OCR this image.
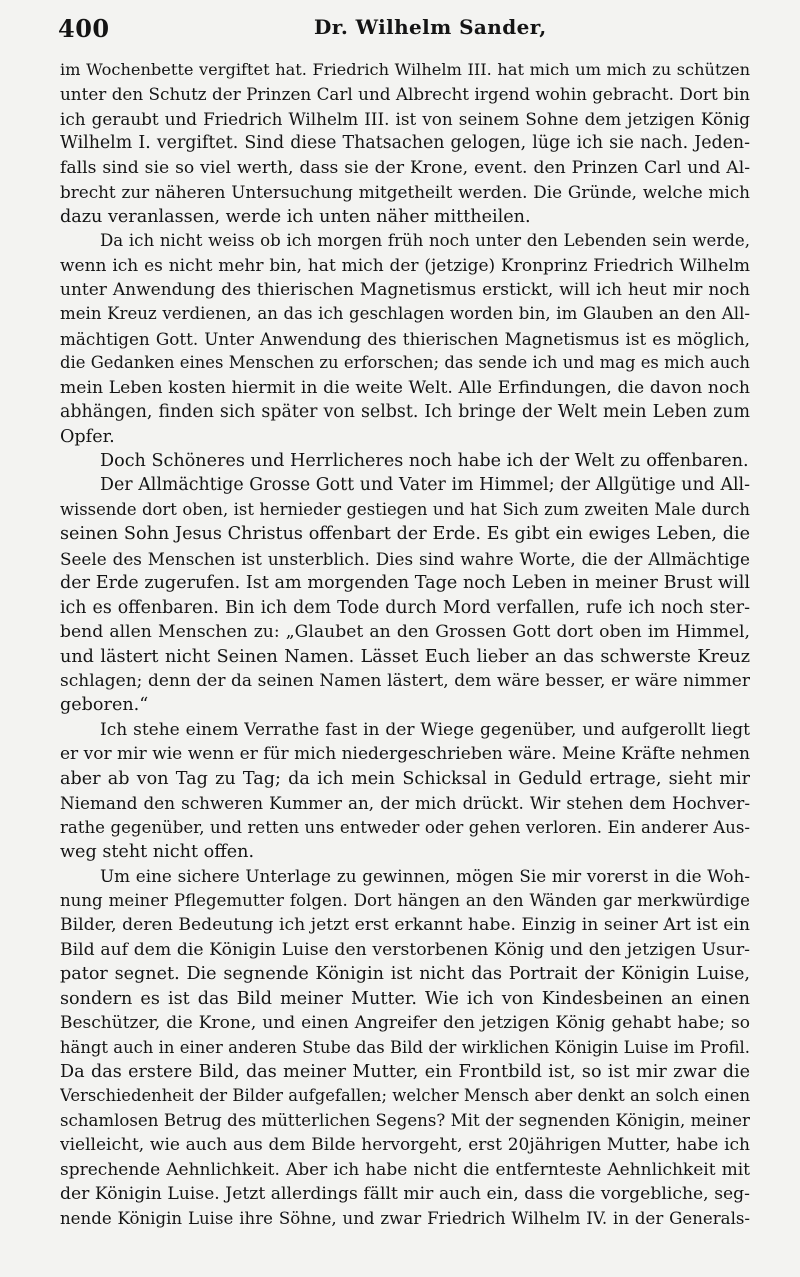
400	Dr. Wilhelm Sander,
im Wochenbette vergiftet hat. Friedrich Wilhelm III. hat mich um mich zu schützen
unter den Schutz der Prinzen Carl und Albrecht irgend wohin gebracht. Dort bin
ich geraubt und Friedrich Wilhelm III. ist von seinem Sohne dem jetzigen König
Wilhelm I. vergiftet. Sind diese Thatsachen gelogen, lüge ich sie nach. Jeden-
falls sind sie so viel werth, dass sie der Krone, event. den Prinzen Carl und Al-
brecht zur näheren Untersuchung mitgetheilt werden. Die Gründe, welche mich
dazu veranlassen, werde ich unten näher mittheilen.
Da ich nicht weiss ob ich morgen früh noch unter den Lebenden sein werde,
wenn ich es nicht mehr bin, hat mich der (jetzige) Kronprinz Friedrich Wilhelm
unter Anwendung des thierischen Magnetismus erstickt, will ich heut mir noch
mein Kreuz verdienen, an das ich geschlagen worden bin, im Glauben an den All-
mächtigen Gott. Unter Anwendung des thierischen Magnetismus ist es möglich,
die Gedanken eines Menschen zu erforschen; das sende ich und mag es mich auch
mein Leben kosten hiermit in die weite Welt. Alle Erfindungen, die davon noch
abhängen, finden sich später von selbst. Ich bringe der Welt mein Leben zum
Opfer.
Doch Schöneres und Herrlicheres noch habe ich der Welt zu offenbaren.
Der Allmächtige Grosse Gott und Vater im Himmel; der Allgütige und All-
wissende dort oben, ist hernieder gestiegen und hat Sich zum zweiten Male durch
seinen Sohn Jesus Christus offenbart der Erde. Es gibt ein ewiges Leben, die
Seele des Menschen ist unsterblich. Dies sind wahre Worte, die der Allmächtige
der Erde zugerufen. Ist am morgenden Tage noch Leben in meiner Brust will
ich es offenbaren. Bin ich dem Tode durch Mord verfallen, rufe ich noch ster-
bend allen Menschen zu: „Glaubet an den Grossen Gott dort oben im Himmel,
und lästert nicht Seinen Namen. Lässet Euch lieber an das schwerste Kreuz
schlagen; denn der da seinen Namen lästert, dem wäre besser, er wäre nimmer
geboren.“
Ich stehe einem Verrathe fast in der Wiege gegenüber, und aufgerollt liegt
er vor mir wie wenn er für mich niedergeschrieben wäre. Meine Kräfte nehmen
aber ab von Tag zu Tag; da ich mein Schicksal in Geduld ertrage, sieht mir
Niemand den schweren Kummer an, der mich drückt. Wir stehen dem Hochver-
rathe gegenüber, und retten uns entweder oder gehen verloren. Ein anderer Aus-
weg steht nicht offen.
Um eine sichere Unterlage zu gewinnen, mögen Sie mir vorerst in die Woh-
nung meiner Pflegemutter folgen. Dort hängen an den Wänden gar merkwürdige
Bilder, deren Bedeutung ich jetzt erst erkannt habe. Einzig in seiner Art ist ein
Bild auf dem die Königin Luise den verstorbenen König und den jetzigen Usur-
pator segnet. Die segnende Königin ist nicht das Portrait der Königin Luise,
sondern es ist das Bild meiner Mutter. Wie ich von Kindesbeinen an einen
Beschützer, die Krone, und einen Angreifer den jetzigen König gehabt habe; so
hängt auch in einer anderen Stube das Bild der wirklichen Königin Luise im Profil.
Da das erstere Bild, das meiner Mutter, ein Frontbild ist, so ist mir zwar die
Verschiedenheit der Bilder aufgefallen; welcher Mensch aber denkt an solch einen
schamlosen Betrug des mütterlichen Segens? Mit der segnenden Königin, meiner
vielleicht, wie auch aus dem Bilde hervorgeht, erst 20jährigen Mutter, habe ich
sprechende Aehnlichkeit. Aber ich habe nicht die entfernteste Aehnlichkeit mit
der Königin Luise. Jetzt allerdings fällt mir auch ein, dass die vorgebliche, seg-
nende Königin Luise ihre Söhne, und zwar Friedrich Wilhelm IV. in der Generals-
